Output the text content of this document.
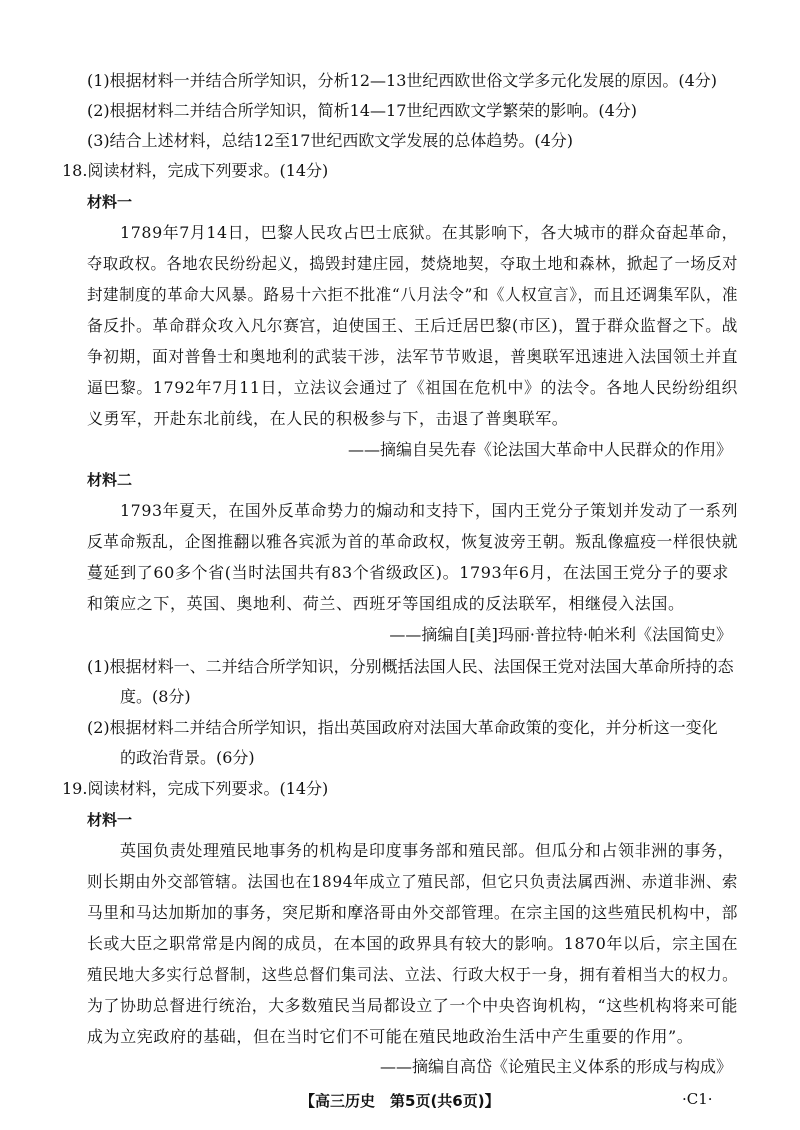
(1)根据材料一并结合所学知识，分析12—13世纪西欧世俗文学多元化发展的原因。(4分)
(2)根据材料二并结合所学知识，简析14—17世纪西欧文学繁荣的影响。(4分)
(3)结合上述材料，总结12至17世纪西欧文学发展的总体趋势。(4分)
18.阅读材料，完成下列要求。(14分)
材料一
1789年7月14日，巴黎人民攻占巴士底狱。在其影响下，各大城市的群众奋起革命，
夺取政权。各地农民纷纷起义，捣毁封建庄园，焚烧地契，夺取土地和森林，掀起了一场反对
封建制度的革命大风暴。路易十六拒不批准“八月法令”和《人权宣言》，而且还调集军队，准
备反扑。革命群众攻入凡尔赛宫，迫使国王、王后迁居巴黎(市区)，置于群众监督之下。战
争初期，面对普鲁士和奥地利的武装干涉，法军节节败退，普奥联军迅速进入法国领土并直
逼巴黎。1792年7月11日，立法议会通过了《祖国在危机中》的法令。各地人民纷纷组织
义勇军，开赴东北前线，在人民的积极参与下，击退了普奥联军。
——摘编自吴先春《论法国大革命中人民群众的作用》
材料二
1793年夏天，在国外反革命势力的煽动和支持下，国内王党分子策划并发动了一系列
反革命叛乱，企图推翻以雅各宾派为首的革命政权，恢复波旁王朝。叛乱像瘟疫一样很快就
蔓延到了60多个省(当时法国共有83个省级政区)。1793年6月，在法国王党分子的要求
和策应之下，英国、奥地利、荷兰、西班牙等国组成的反法联军，相继侵入法国。
——摘编自[美]玛丽·普拉特·帕米利《法国简史》
(1)根据材料一、二并结合所学知识，分别概括法国人民、法国保王党对法国大革命所持的态
度。(8分)
(2)根据材料二并结合所学知识，指出英国政府对法国大革命政策的变化，并分析这一变化
的政治背景。(6分)
19.阅读材料，完成下列要求。(14分)
材料一
英国负责处理殖民地事务的机构是印度事务部和殖民部。但瓜分和占领非洲的事务，
则长期由外交部管辖。法国也在1894年成立了殖民部，但它只负责法属西洲、赤道非洲、索
马里和马达加斯加的事务，突尼斯和摩洛哥由外交部管理。在宗主国的这些殖民机构中，部
长或大臣之职常常是内阁的成员，在本国的政界具有较大的影响。1870年以后，宗主国在
殖民地大多实行总督制，这些总督们集司法、立法、行政大权于一身，拥有着相当大的权力。
为了协助总督进行统治，大多数殖民当局都设立了一个中央咨询机构，“这些机构将来可能
成为立宪政府的基础，但在当时它们不可能在殖民地政治生活中产生重要的作用”。
——摘编自高岱《论殖民主义体系的形成与构成》
【高三历史　第5页(共6页)】	·C1·
